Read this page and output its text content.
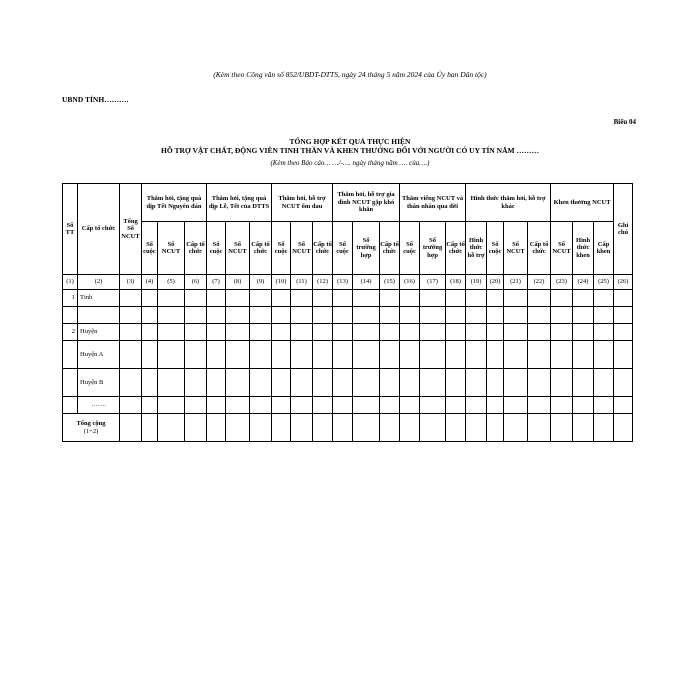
(Kèm theo Công văn số 852/UBDT-DTTS, ngày 24 tháng 5 năm 2024 của Ủy ban Dân tộc)
UBND TỈNH……….
Biểu 04
TỔNG HỢP KẾT QUẢ THỰC HIỆN
HỖ TRỢ VẬT CHẤT, ĐỘNG VIÊN TINH THẦN VÀ KHEN THƯỞNG ĐỐI VỚI NGƯỜI CÓ UY TÍN NĂM ………
(Kèm theo Báo cáo… …/-…. ngày tháng năm …. của….)
Số TT	Cấp tổ chức	Tổng Số NCUT	Thăm hỏi, tặng quà dịp Tết Nguyên đán			Thăm hỏi, tặng quà dịp Lễ, Tết của DTTS			Thăm hỏi, hỗ trợ NCUT ốm đau			Thăm hỏi, hỗ trợ gia đình NCUT gặp khó khăn			Thăm viếng NCUT và thân nhân qua đời			Hình thức thăm hỏi, hỗ trợ khác				Khen thưởng NCUT			Ghi chú
			Số cuộc	Số NCUT	Cấp tổ chức	Số cuộc	Số NCUT	Cấp tổ chức	Số cuộc	Số NCUT	Cấp tổ chức	Số cuộc	Số trường hợp	Cấp tổ chức	Số cuộc	Số trường hợp	Cấp tổ chức	Hình thức hỗ trợ	Số cuộc	Số NCUT	Cấp tổ chức	Số NCUT	Hình thức khen	Cấp khen	
(1)	(2)	(3)	(4)	(5)	(6)	(7)	(8)	(9)	(10)	(11)	(12)	(13)	(14)	(15)	(16)	(17)	(18)	(19)	(20)	(21)	(22)	(23)	(24)	(25)	(26)
1	Tỉnh																								

2	Huyện																								
	Huyện A																								
	Huyện B																								
	…….																								

Tổng cộng
(1+2)																									
